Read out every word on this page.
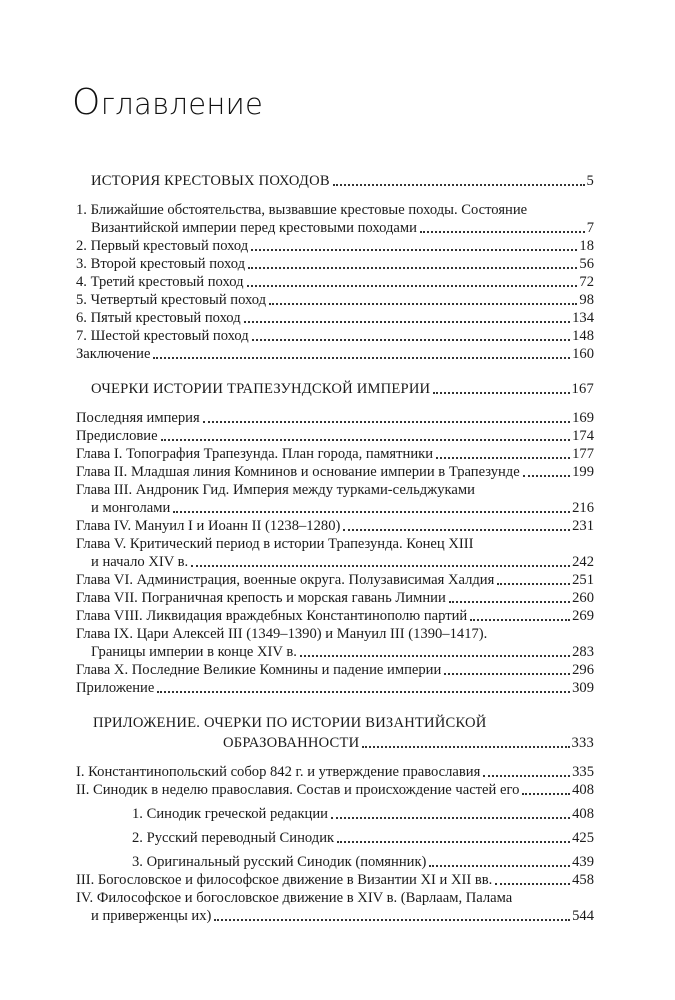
Оглавление
ИСТОРИЯ КРЕСТОВЫХ ПОХОДОВ	5
1. Ближайшие обстоятельства, вызвавшие крестовые походы. Состояние
Византийской империи перед крестовыми походами	7
2. Первый крестовый поход	18
3. Второй крестовый поход	56
4. Третий крестовый поход	72
5. Четвертый крестовый поход	98
6. Пятый крестовый поход	134
7. Шестой крестовый поход	148
Заключение	160
ОЧЕРКИ ИСТОРИИ ТРАПЕЗУНДСКОЙ ИМПЕРИИ	167
Последняя империя	169
Предисловие	174
Глава I. Топография Трапезунда. План города, памятники	177
Глава II. Младшая линия Комнинов и основание империи в Трапезунде	199
Глава III. Андроник Гид. Империя между турками-сельджуками
и монголами	216
Глава IV. Мануил I и Иоанн II (1238–1280)	231
Глава V. Критический период в истории Трапезунда. Конец XIII
и начало XIV в.	242
Глава VI. Администрация, военные округа. Полузависимая Халдия	251
Глава VII. Пограничная крепость и морская гавань Лимнии	260
Глава VIII. Ликвидация враждебных Константинополю партий	269
Глава IX. Цари Алексей III (1349–1390) и Мануил III (1390–1417).
Границы империи в конце XIV в.	283
Глава X. Последние Великие Комнины и падение империи	296
Приложение	309
ПРИЛОЖЕНИЕ. ОЧЕРКИ ПО ИСТОРИИ ВИЗАНТИЙСКОЙ
ОБРАЗОВАННОСТИ	333
I. Константинопольский собор 842 г. и утверждение православия	335
II. Синодик в неделю православия. Состав и происхождение частей его	408
1. Синодик греческой редакции	408
2. Русский переводный Синодик	425
3. Оригинальный русский Синодик (помянник)	439
III. Богословское и философское движение в Византии XI и XII вв.	458
IV. Философское и богословское движение в XIV в. (Варлаам, Палама
и приверженцы их)	544
